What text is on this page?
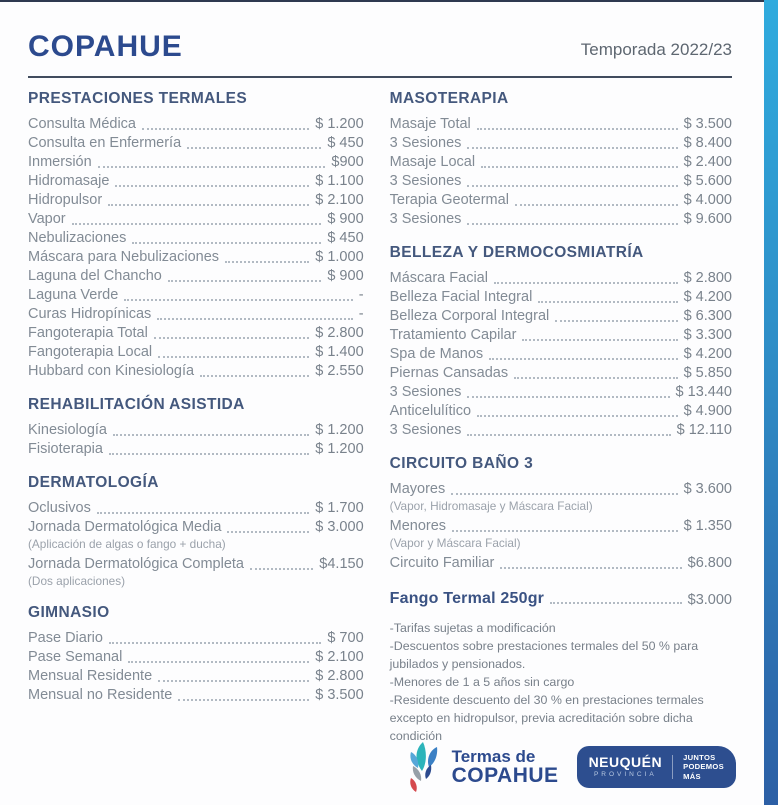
COPAHUE	Temporada 2022/23
PRESTACIONES TERMALES
Consulta Médica	$ 1.200
Consulta en Enfermería	$ 450
Inmersión	$900
Hidromasaje	$ 1.100
Hidropulsor	$ 2.100
Vapor	$ 900
Nebulizaciones	$ 450
Máscara para Nebulizaciones	$ 1.000
Laguna del Chancho	$ 900
Laguna Verde	-
Curas Hidropínicas	-
Fangoterapia Total	$ 2.800
Fangoterapia Local	$ 1.400
Hubbard con Kinesiología	$ 2.550
REHABILITACIÓN ASISTIDA
Kinesiología	$ 1.200
Fisioterapia	$ 1.200
DERMATOLOGÍA
Oclusivos	$ 1.700
Jornada Dermatológica Media	$ 3.000
(Aplicación de algas o fango + ducha)
Jornada Dermatológica Completa	$4.150
(Dos aplicaciones)
GIMNASIO
Pase Diario	$ 700
Pase Semanal	$ 2.100
Mensual Residente	$ 2.800
Mensual no Residente	$ 3.500
MASOTERAPIA
Masaje Total	$ 3.500
3 Sesiones	$ 8.400
Masaje Local	$ 2.400
3 Sesiones	$ 5.600
Terapia Geotermal	$ 4.000
3 Sesiones	$ 9.600
BELLEZA Y DERMOCOSMIATRÍA
Máscara Facial	$ 2.800
Belleza Facial Integral	$ 4.200
Belleza Corporal Integral	$ 6.300
Tratamiento Capilar	$ 3.300
Spa de Manos	$ 4.200
Piernas Cansadas	$ 5.850
3 Sesiones	$ 13.440
Anticelulítico	$ 4.900
3 Sesiones	$ 12.110
CIRCUITO BAÑO 3
Mayores	$ 3.600
(Vapor, Hidromasaje y Máscara Facial)
Menores	$ 1.350
(Vapor y Máscara Facial)
Circuito Familiar	$6.800
Fango Termal 250gr	$3.000
-Tarifas sujetas a modificación
-Descuentos sobre prestaciones termales del 50 % para jubilados y pensionados.
-Menores de 1 a 5 años sin cargo
-Residente descuento del 30 % en prestaciones termales excepto en hidropulsor, previa acreditación sobre dicha condición
Termas de
COPAHUE
NEUQUÉN
PROVINCIA
JUNTOS
PODEMOS
MÁS
